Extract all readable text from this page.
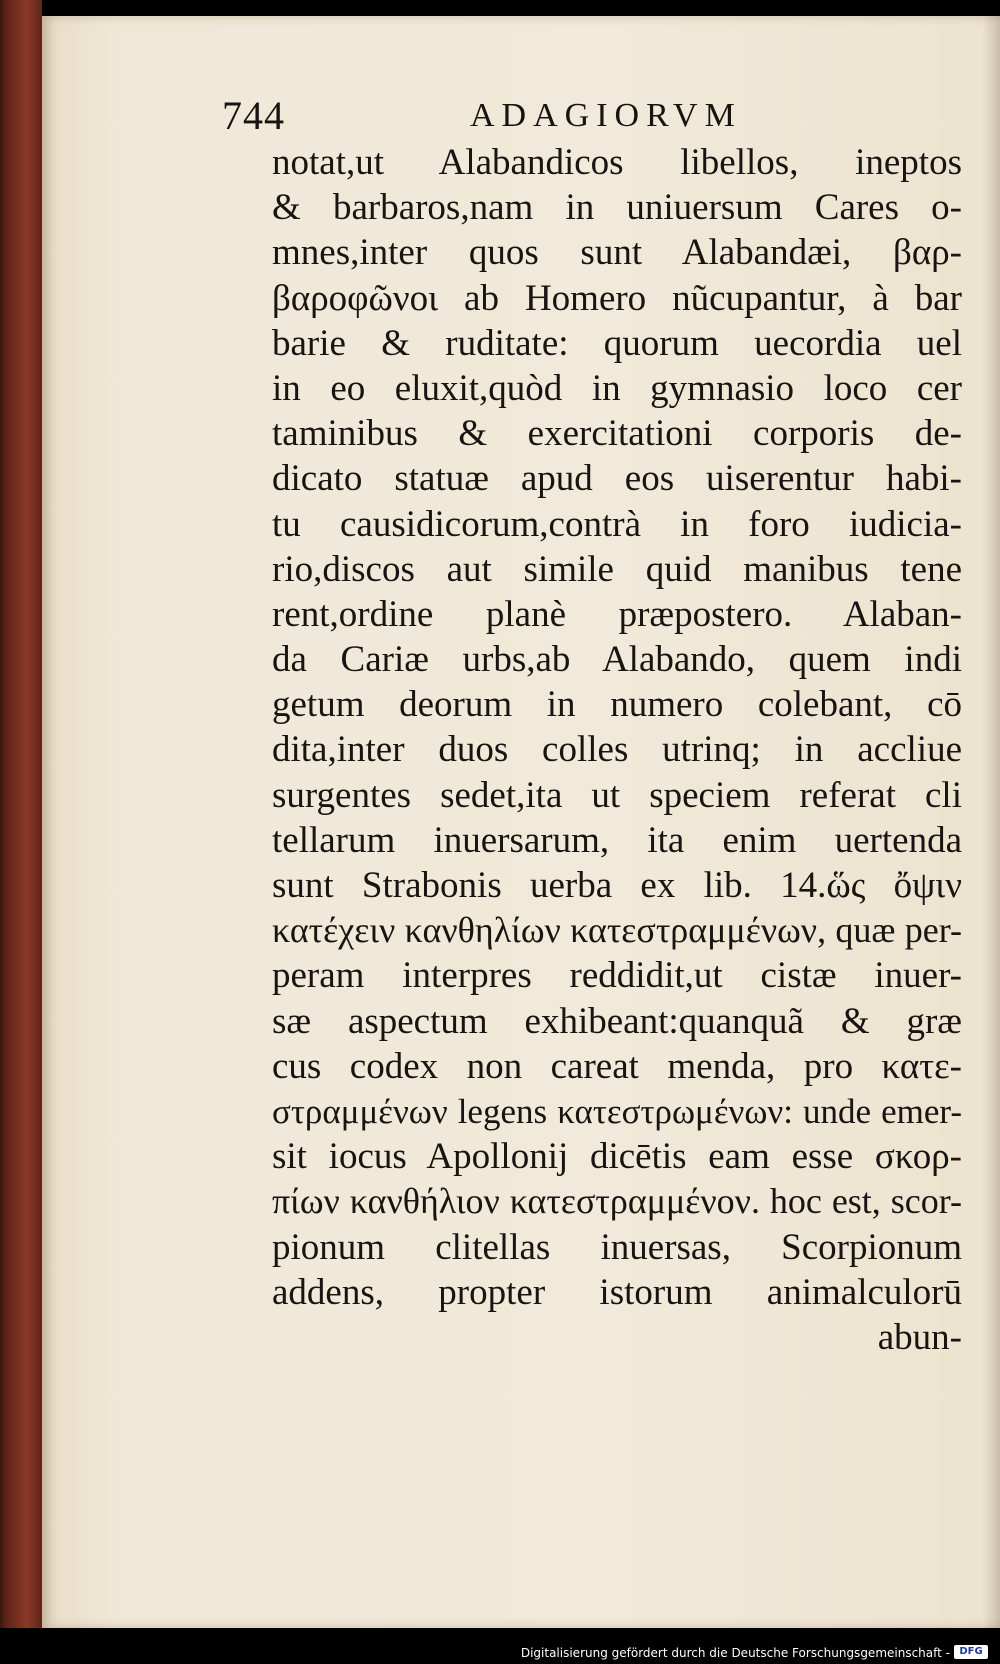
744	ADAGIORVM
notat,ut Alabandicos libellos, ineptos
& barbaros,nam in uniuersum Cares o-
mnes,inter quos sunt Alabandæi, βαρ-
βαροφῶνοι ab Homero nũcupantur, à bar
barie & ruditate: quorum uecordia uel
in eo eluxit,quòd in gymnasio loco cer
taminibus & exercitationi corporis de-
dicato statuæ apud eos uiserentur habi-
tu causidicorum,contrà in foro iudicia-
rio,discos aut simile quid manibus tene
rent,ordine planè præpostero. Alaban-
da Cariæ urbs,ab Alabando, quem indi
getum deorum in numero colebant, cō
dita,inter duos colles utrinq; in accliue
surgentes sedet,ita ut speciem referat cli
tellarum inuersarum, ita enim uertenda
sunt Strabonis uerba ex lib. 14.ὥς ὄψιν
κατέχειν κανθηλίων κατεστραμμένων, quæ per-
peram interpres reddidit,ut cistæ inuer-
sæ aspectum exhibeant:quanquã & græ
cus codex non careat menda, pro κατε-
στραμμένων legens κατεστρωμένων: unde emer-
sit iocus Apollonij dicētis eam esse σκορ-
πίων κανθήλιον κατεστραμμένον. hoc est, scor-
pionum clitellas inuersas, Scorpionum
addens, propter istorum animalculorū
abun-
Digitalisierung gefördert durch die Deutsche Forschungsgemeinschaft - DFG
